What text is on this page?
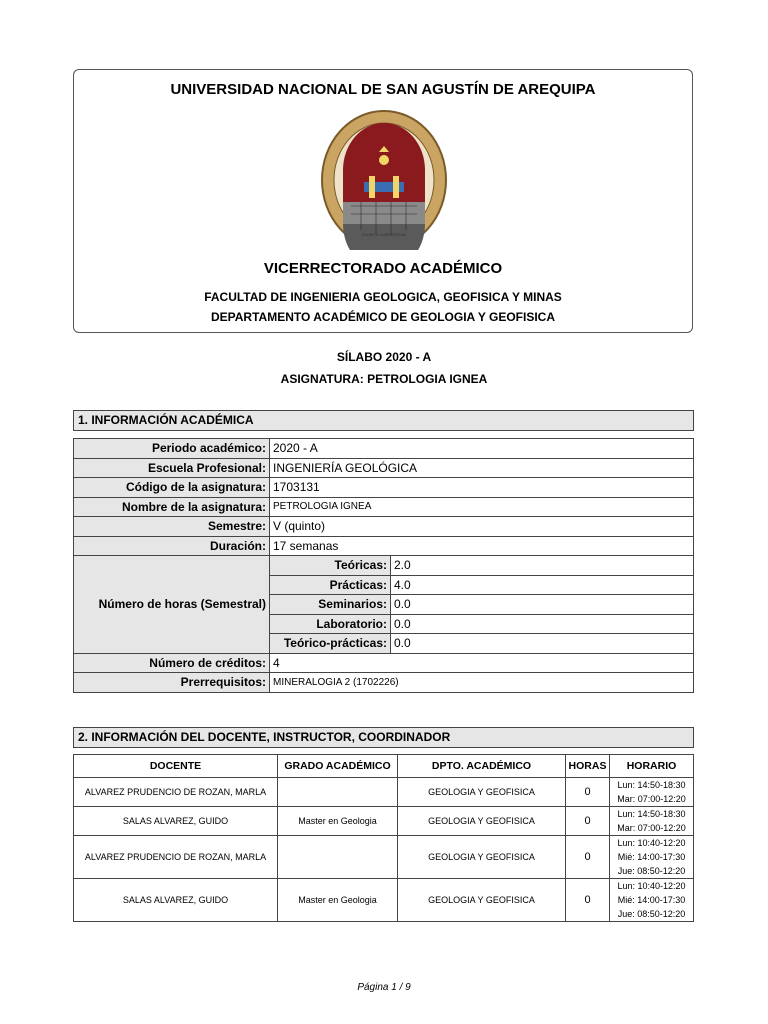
UNIVERSIDAD NACIONAL DE SAN AGUSTÍN DE AREQUIPA
DOMUS SAPIENTIAE
VICERRECTORADO ACADÉMICO
FACULTAD DE INGENIERIA GEOLOGICA, GEOFISICA Y MINAS
DEPARTAMENTO ACADÉMICO DE GEOLOGIA Y GEOFISICA
SÍLABO 2020 - A
ASIGNATURA: PETROLOGIA IGNEA
1. INFORMACIÓN ACADÉMICA
Periodo académico:	2020 - A	
Escuela Profesional:	INGENIERÍA GEOLÓGICA	
Código de la asignatura:	1703131	
Nombre de la asignatura:	PETROLOGIA IGNEA	
Semestre:	V (quinto)	
Duración:	17 semanas	
Número de horas (Semestral)	Teóricas:	2.0
	Prácticas:	4.0
	Seminarios:	0.0
	Laboratorio:	0.0
	Teórico-prácticas:	0.0
Número de créditos:	4	
Prerrequisitos:	MINERALOGIA 2 (1702226)	
2. INFORMACIÓN DEL DOCENTE, INSTRUCTOR, COORDINADOR
DOCENTE	GRADO ACADÉMICO	DPTO. ACADÉMICO	HORAS	HORARIO
ALVAREZ PRUDENCIO DE ROZAN, MARLA		GEOLOGIA Y GEOFISICA	0	Lun: 14:50-18:30
Mar: 07:00-12:20

SALAS ALVAREZ, GUIDO	Master en Geologia	GEOLOGIA Y GEOFISICA	0	Lun: 14:50-18:30
Mar: 07:00-12:20

ALVAREZ PRUDENCIO DE ROZAN, MARLA		GEOLOGIA Y GEOFISICA	0	Lun: 10:40-12:20
Mié: 14:00-17:30
Jue: 08:50-12:20

SALAS ALVAREZ, GUIDO	Master en Geologia	GEOLOGIA Y GEOFISICA	0	Lun: 10:40-12:20
Mié: 14:00-17:30
Jue: 08:50-12:20
Página 1 / 9
